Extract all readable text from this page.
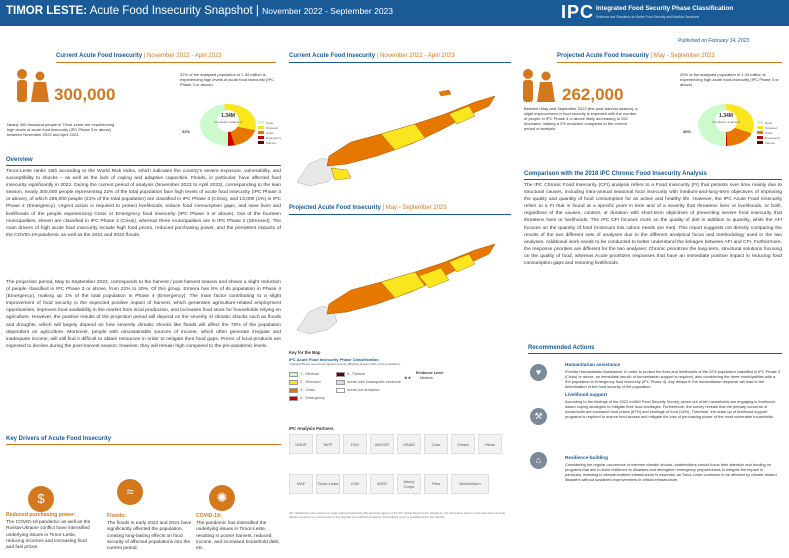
TIMOR LESTE: Acute Food Insecurity Snapshot | November 2022 - September 2023	IPC Integrated Food Security Phase Classification
Evidence and Standards for Better Food Security and Nutrition Decisions
Published on February 14, 2023
Current Acute Food Insecurity | November 2022 - April 2023
300,000
Nearly 300 thousand people in Timor-Leste are experiencing high levels of acute food insecurity (IPC Phase 3 or above) between November 2022 and April 2023.
22% of the analysed population of 1.34 million is experiencing high levels of acute food insecurity (IPC Phase 3 or above).
1.34M
Population analysed
22%
None
Stressed
Crisis
Emergency
Famine
Overview
Timor-Leste ranks 16th according to the World Risk Index, which indicates the country's severe exposure, vulnerability, and susceptibility to shocks – as well as the lack of coping and adaptive capacities. Floods, in particular, have affected food insecurity significantly in 2022. During the current period of analysis (November 2022 to April 2023), corresponding to the lean season, nearly 300,000 people representing 22% of the total population face high levels of acute food insecurity (IPC Phase 3 or above), of which 286,000 people (21% of the total population) are classified in IPC Phase 3 (Crisis), and 13,000 (1%) in IPC Phase 4 (Emergency). Urgent action is required to protect livelihoods, reduce food consumption gaps, and save lives and livelihoods of the people experiencing Crisis or Emergency food insecurity (IPC Phase 3 or above). Out of the fourteen municipalities, eleven are classified in IPC Phase 3 (Crisis), whereas three municipalities are in IPC Phase 2 (Stressed). The main drivers of high acute food insecurity include high food prices, reduced purchasing power, and the persistent impacts of the COVID-19-pandemic as well as the 2021 and 2022 floods.
The projection period, May to September 2023, corresponds to the harvest / post-harvest season and shows a slight reduction of people classified in IPC Phase 3 or above, from 22% to 20%. Of this group, Ermera has 5% of its population in Phase 4 (Emergency), making up 1% of the total population in Phase 4 (Emergency). The main factor contributing to a slight improvement of food security is the expected positive impact of harvest, which generates agriculture-related employment opportunities, improves food availability in the market from local production, and increases food stock for households relying on agriculture. However, the positive results of the projection period will depend on the severity of climatic shocks such as floods and droughts, which will largely depend on how severely climatic shocks like floods will affect the 70% of the population dependent on agriculture. Moreover, people with unsustainable sources of income, which often generate irregular and inadequate income, will still find it difficult to obtain resources in order to mitigate their food gaps. Prices of local products are expected to decline during the post-harvest season; however, they will remain high compared to the pre-pandemic levels.
Key Drivers of Acute Food Insecurity
$
Reduced purchasing power:
The COVID-19 pandemic as well as the Russia-Ukraine conflict have intensified underlying issues in Timor-Leste, reducing incomes and increasing food and fuel prices.
≈
Floods:
The floods in early 2022 and 2021 have significantly affected the population, creating long-lasting effects on food security of affected populations into the current period.
✺
COVID-19:
The pandemic has intensified the underlying issues in Timor-Leste, resulting in poorer harvest, reduced income, and increased household debt, etc.
Current Acute Food Insecurity | November 2022 - April 2023
Projected Acute Food Insecurity | May - September 2023
Key for the Map
IPC Acute Food Insecurity Phase Classification
(mapped Phase represents highest severity affecting at least 20% of the population)
1 - Minimal
2 - Stressed
3 - Crisis
4 - Emergency
5 - Famine
Areas with inadequate evidence
Areas not analysed
Evidence Level
★★ Medium
IPC Analysis Partners
UNDP	WFP	FAO	UNICEF	USAID	Care	Oxfam	Hivos
MAF	Timor-Leste	IOM	MSSI	Mercy Corps	Plan	WorldVision
IPC classification was carried out under national leadership with technical support of the IPC Global Support Unit. Disclaimer: the information shown on the map does not imply official recognition or endorsement of any physical and political boundaries. Full analysis report is available at the IPC website.
Projected Acute Food Insecurity | May - September 2023
262,000
Between May and September 2023 (the post-harvest season), a slight improvement in food security is expected with the number of people in IPC Phase 3 or above likely decreasing to 262 thousand, making a 2% reduction compared to the current period of analysis.
20% of the analysed population of 1.34 million is experiencing high acute food insecurity (IPC Phase 3 or above).
1.34M
Population analysed
20%
None
Stressed
Crisis
Emergency
Famine
Comparison with the 2018 IPC Chronic Food Insecurity Analysis
The IPC Chronic Food Insecurity (CFI) analysis refers to a Food Insecurity (FI) that persists over time mainly due to structural causes, including intra-annual seasonal food insecurity with medium-and-long-term objectives of improving the quality and quantity of food consumption for an active and healthy life. However, the IPC Acute Food Insecurity refers to a FI that is found at a specific point in time and of a severity that threatens lives or livelihoods, or both, regardless of the causes, context, or duration with short-term objectives of preventing severe food insecurity that threatens lives or livelihoods. The IPC CFI focuses more on the quality of diet in addition to quantity, while the AFI focuses on the quantity of food (minimum kilo caloric needs are met). This report suggests not directly comparing the results of the two different sets of analyses due to the different analytical focus and methodology used in the two analyses. Additional work needs to be conducted to better understand the linkages between AFI and CFI. Furthermore, the response priorities are different for the two analyses; Chronic prioritizes the long-term, structural solutions focusing on the quality of food, whereas Acute prioritizes responses that have an immediate positive impact in reducing food consumption gaps and restoring livelihoods.
Recommended Actions
♥
Humanitarian assistance
Provide Humanitarian Assistance: In order to protect the lives and livelihoods of the 22% population classified in IPC Phase 3 (Crisis) or above, an immediate launch of humanitarian support is required, also considering the three municipalities with a 5% population in Emergency food insecurity (IPC Phase 4). Any delays in the humanitarian response will lead to the deterioration of the food security of the population.
⚒
Livelihood support
According to the findings of the 2022 mVAM Food Security Survey, seven out of ten households are engaging in livelihood-based coping strategies to mitigate their food shortages. Furthermore, the survey reveals that the primary concerns of households are increased food prices (67%) and shortage of food (16%). Therefore, the scale-up of livelihood support programs is required to ensure food access and mitigate the loss of purchasing power of the most vulnerable households.
⌂	Resilience-building
Considering the regular occurrence of extreme climatic shocks, stakeholders should focus their attention and funding on programs that aim to build resilience to disasters and strengthen emergency preparedness to mitigate the impact in particular, investing in climate-resilient infrastructure is essential, as Timor-Leste continues to be affected by climate-related disasters without sustained improvements in critical infrastructure.
